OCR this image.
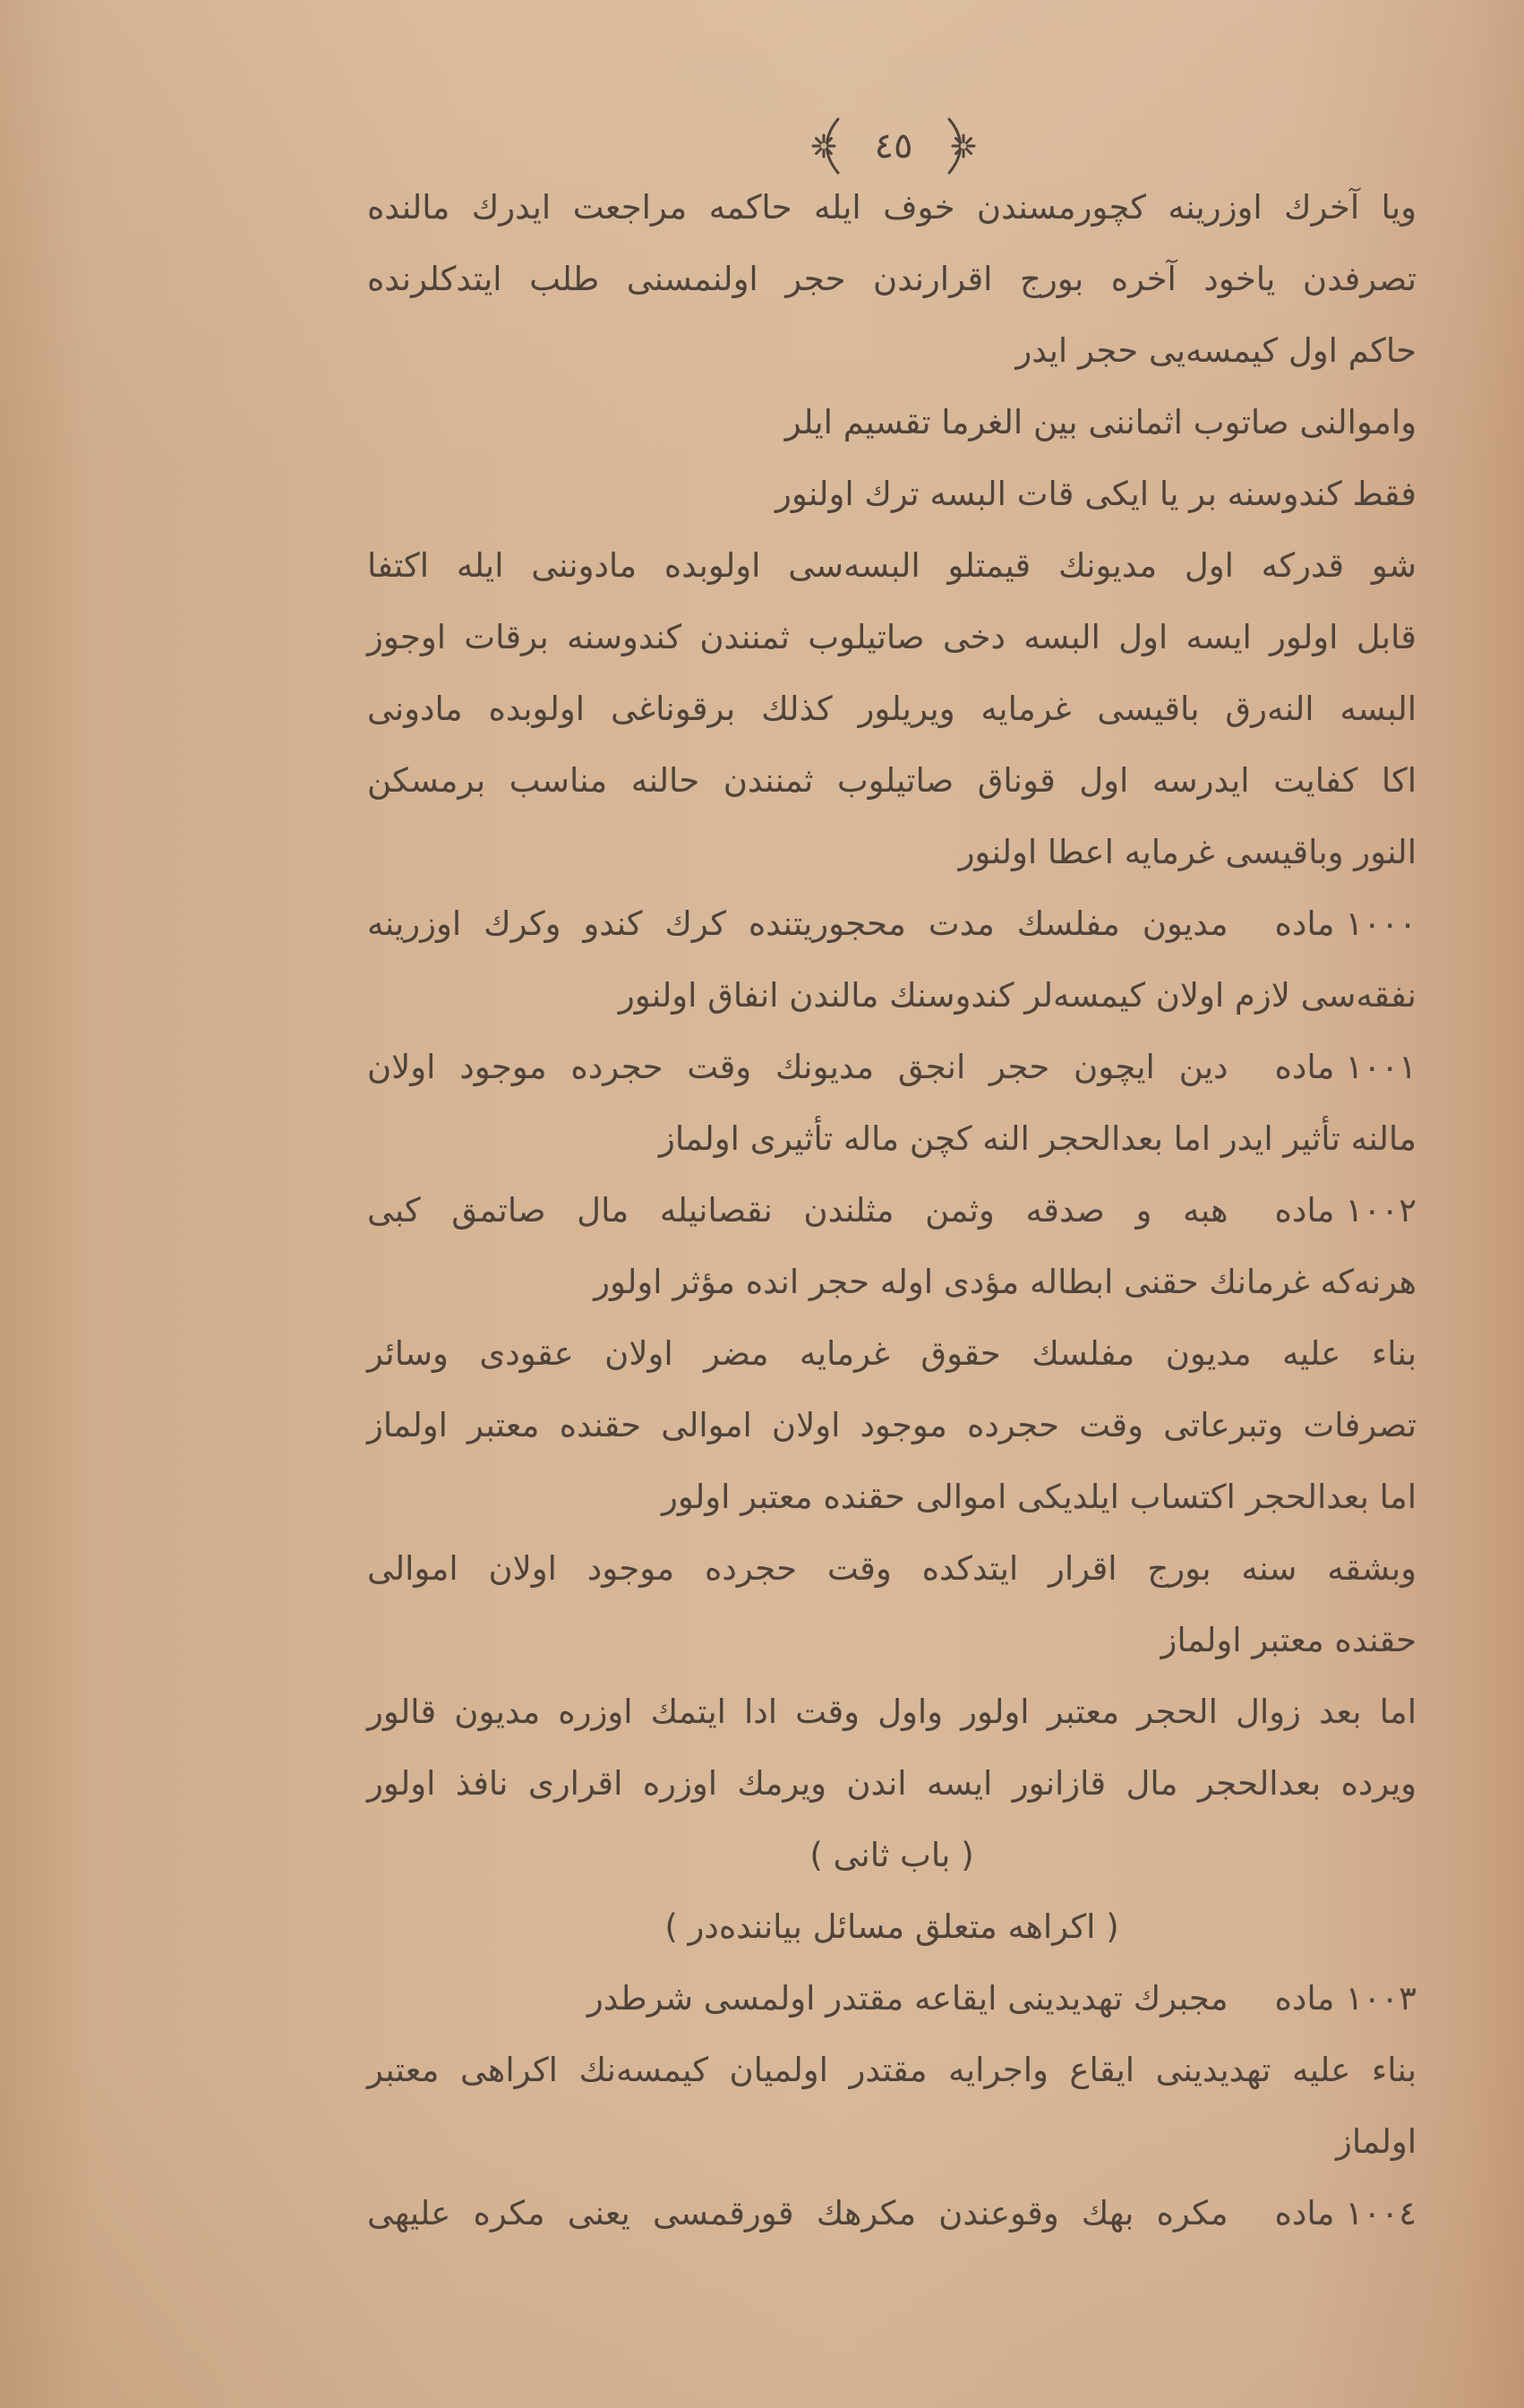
٤٥
ویا آخرك اوزرینه كچورمسندن خوف ایله حاكمه مراجعت ایدرك مالنده
تصرفدن یاخود آخره بورج اقرارندن حجر اولنمسنی طلب ایتدكلرنده
حاكم اول كیمسه‌یی حجر ایدر
واموالنی صاتوب اثماننی بین الغرما تقسیم ایلر
فقط كندوسنه بر یا ایكی قات البسه ترك اولنور
شو قدركه اول مدیونك قیمتلو البسه‌سی اولوبده مادوننی ایله اكتفا
قابل اولور ایسه اول البسه دخی صاتیلوب ثمنندن كندوسنه برقات اوجوز
البسه النه‌رق باقیسی غرمایه ویریلور كذلك برقوناغی اولوبده مادونی
اكا كفایت ایدرسه اول قوناق صاتیلوب ثمنندن حالنه مناسب برمسكن
النور وباقیسی غرمایه اعطا اولنور
١٠٠٠
ماده
مدیون مفلسك مدت محجوریتنده كرك كندو وكرك اوزرینه
نفقه‌سی لازم اولان كیمسه‌لر كندوسنك مالندن انفاق اولنور
١٠٠١
ماده
دین ایچون حجر انجق مدیونك وقت حجرده موجود اولان
مالنه تأثیر ایدر اما بعدالحجر النه كچن ماله تأثیری اولماز
١٠٠٢
ماده
هبه و صدقه وثمن مثلندن نقصانیله مال صاتمق كبی
هرنه‌كه غرمانك حقنی ابطاله مؤدی اوله حجر انده مؤثر اولور
بناء علیه مدیون مفلسك حقوق غرمایه مضر اولان عقودی وسائر
تصرفات وتبرعاتی وقت حجرده موجود اولان اموالی حقنده معتبر اولماز
اما بعدالحجر اكتساب ایلدیكی اموالی حقنده معتبر اولور
وبشقه سنه بورج اقرار ایتدكده وقت حجرده موجود اولان اموالی
حقنده معتبر اولماز
اما بعد زوال الحجر معتبر اولور واول وقت ادا ایتمك اوزره مدیون قالور
ویرده بعدالحجر مال قازانور ایسه اندن ویرمك اوزره اقراری نافذ اولور
( باب ثانی )
( اكراهه متعلق مسائل بیاننده‌در )
١٠٠٣
ماده
مجبرك تهدیدینی ایقاعه مقتدر اولمسی شرطدر
بناء علیه تهدیدینی ایقاع واجرایه مقتدر اولمیان كیمسه‌نك اكراهی معتبر
اولماز
١٠٠٤
ماده
مكره بهك وقوعندن مكرهك قورقمسی یعنی مكره علیهی
